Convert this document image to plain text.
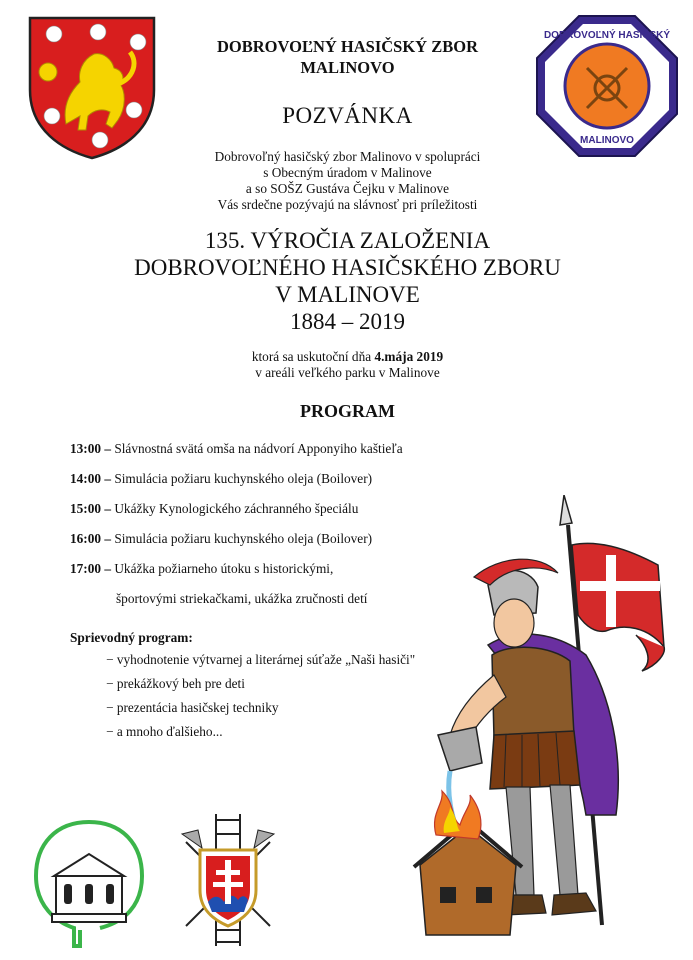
DOBROVOĽNÝ HASIČSKÝ
MALINOVO
DOBROVOĽNÝ HASIČSKÝ ZBOR
MALINOVO
POZVÁNKA
Dobrovoľný hasičský zbor Malinovo v spolupráci
s Obecným úradom v Malinove
a so SOŠZ Gustáva Čejku v Malinove
Vás srdečne pozývajú na slávnosť pri príležitosti
135. VÝROČIA ZALOŽENIA
DOBROVOĽNÉHO HASIČSKÉHO ZBORU
V MALINOVE
1884 – 2019
ktorá sa uskutoční dňa 4.mája 2019
v areáli veľkého parku v Malinove
PROGRAM
13:00 – Slávnostná svätá omša na nádvorí Apponyiho kaštieľa
14:00 – Simulácia požiaru kuchynského oleja (Boilover)
15:00 – Ukážky Kynologického záchranného špeciálu
16:00 – Simulácia požiaru kuchynského oleja (Boilover)
17:00 – Ukážka požiarneho útoku s historickými,
športovými striekačkami, ukážka zručnosti detí
Sprievodný program:
− vyhodnotenie výtvarnej a literárnej súťaže „Naši hasiči"
− prekážkový beh pre deti
− prezentácia hasičskej techniky
− a mnoho ďalšieho...
